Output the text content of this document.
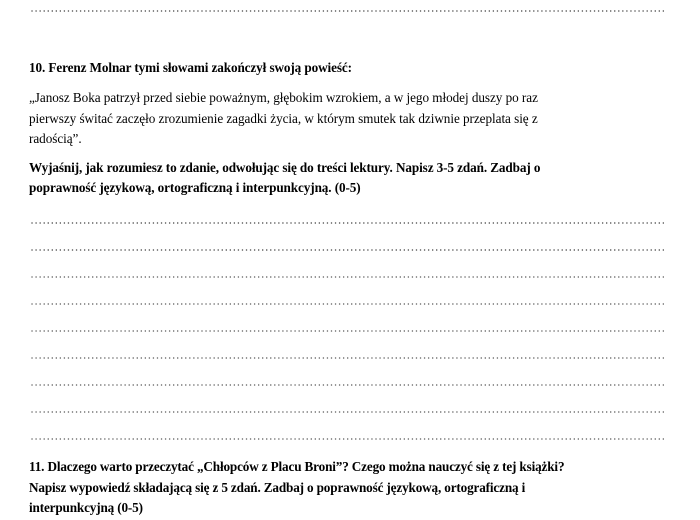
10. Ferenz Molnar tymi słowami zakończył swoją powieść:
„Janosz Boka patrzył przed siebie poważnym, głębokim wzrokiem, a w jego młodej duszy po raz
pierwszy świtać zaczęło zrozumienie zagadki życia, w którym smutek tak dziwnie przeplata się z
radością”.
Wyjaśnij, jak rozumiesz to zdanie, odwołując się do treści lektury. Napisz 3-5 zdań. Zadbaj o
poprawność językową, ortograficzną i interpunkcyjną. (0-5)
11. Dlaczego warto przeczytać „Chłopców z Placu Broni”? Czego można nauczyć się z tej książki?
Napisz wypowiedź składającą się z 5 zdań. Zadbaj o poprawność językową, ortograficzną i
interpunkcyjną (0-5)
